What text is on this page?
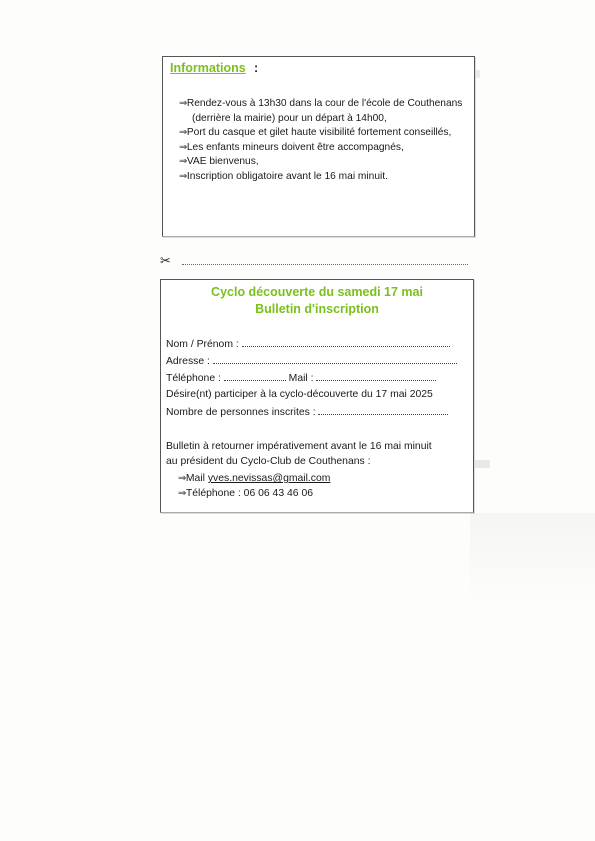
Informations :
⇒Rendez-vous à 13h30 dans la cour de l'école de Couthenans (derrière la mairie) pour un départ à 14h00,
⇒Port du casque et gilet haute visibilité fortement conseillés,
⇒Les enfants mineurs doivent être accompagnés,
⇒VAE bienvenus,
⇒Inscription obligatoire avant le 16 mai minuit.
✂
Cyclo découverte du samedi 17 mai
Bulletin d'inscription
Nom / Prénom :
Adresse :
Téléphone :	Mail :
Désire(nt) participer à la cyclo-découverte du 17 mai 2025
Nombre de personnes inscrites :
Bulletin à retourner impérativement avant le 16 mai minuit
au président du Cyclo-Club de Couthenans :
⇒Mail yves.nevissas@gmail.com
⇒Téléphone : 06 06 43 46 06
